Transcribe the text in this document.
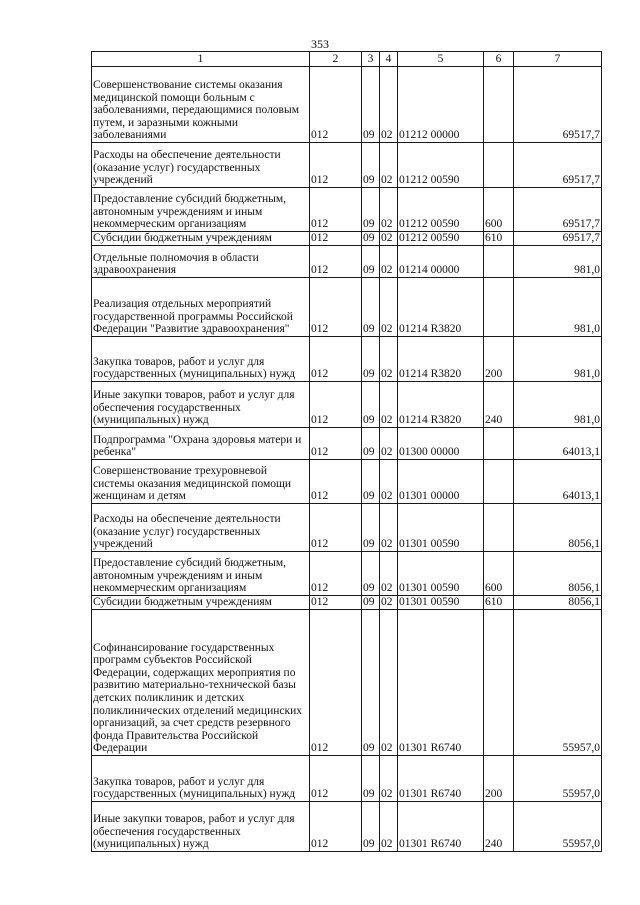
353
1	2	3	4	5	6	7
Совершенствование системы оказания медицинской помощи больным с заболеваниями, передающимися половым путем, и заразными кожными заболеваниями	012	09	02	01212 00000		69517,7
Расходы на обеспечение деятельности (оказание услуг) государственных учреждений	012	09	02	01212 00590		69517,7
Предоставление субсидий бюджетным, автономным учреждениям и иным некоммерческим организациям	012	09	02	01212 00590	600	69517,7
Субсидии бюджетным учреждениям	012	09	02	01212 00590	610	69517,7
Отдельные полномочия в области здравоохранения	012	09	02	01214 00000		981,0
Реализация отдельных мероприятий государственной программы Российской Федерации "Развитие здравоохранения"	012	09	02	01214 R3820		981,0
Закупка товаров, работ и услуг для государственных (муниципальных) нужд	012	09	02	01214 R3820	200	981,0
Иные закупки товаров, работ и услуг для обеспечения государственных (муниципальных) нужд	012	09	02	01214 R3820	240	981,0
Подпрограмма "Охрана здоровья матери и ребенка"	012	09	02	01300 00000		64013,1
Совершенствование трехуровневой системы оказания медицинской помощи женщинам и детям	012	09	02	01301 00000		64013,1
Расходы на обеспечение деятельности (оказание услуг) государственных учреждений	012	09	02	01301 00590		8056,1
Предоставление субсидий бюджетным, автономным учреждениям и иным некоммерческим организациям	012	09	02	01301 00590	600	8056,1
Субсидии бюджетным учреждениям	012	09	02	01301 00590	610	8056,1
Софинансирование государственных программ субъектов Российской Федерации, содержащих мероприятия по развитию материально-технической базы детских поликлиник и детских поликлинических отделений медицинских организаций, за счет средств резервного фонда Правительства Российской Федерации	012	09	02	01301 R6740		55957,0
Закупка товаров, работ и услуг для государственных (муниципальных) нужд	012	09	02	01301 R6740	200	55957,0
Иные закупки товаров, работ и услуг для обеспечения государственных (муниципальных) нужд	012	09	02	01301 R6740	240	55957,0
